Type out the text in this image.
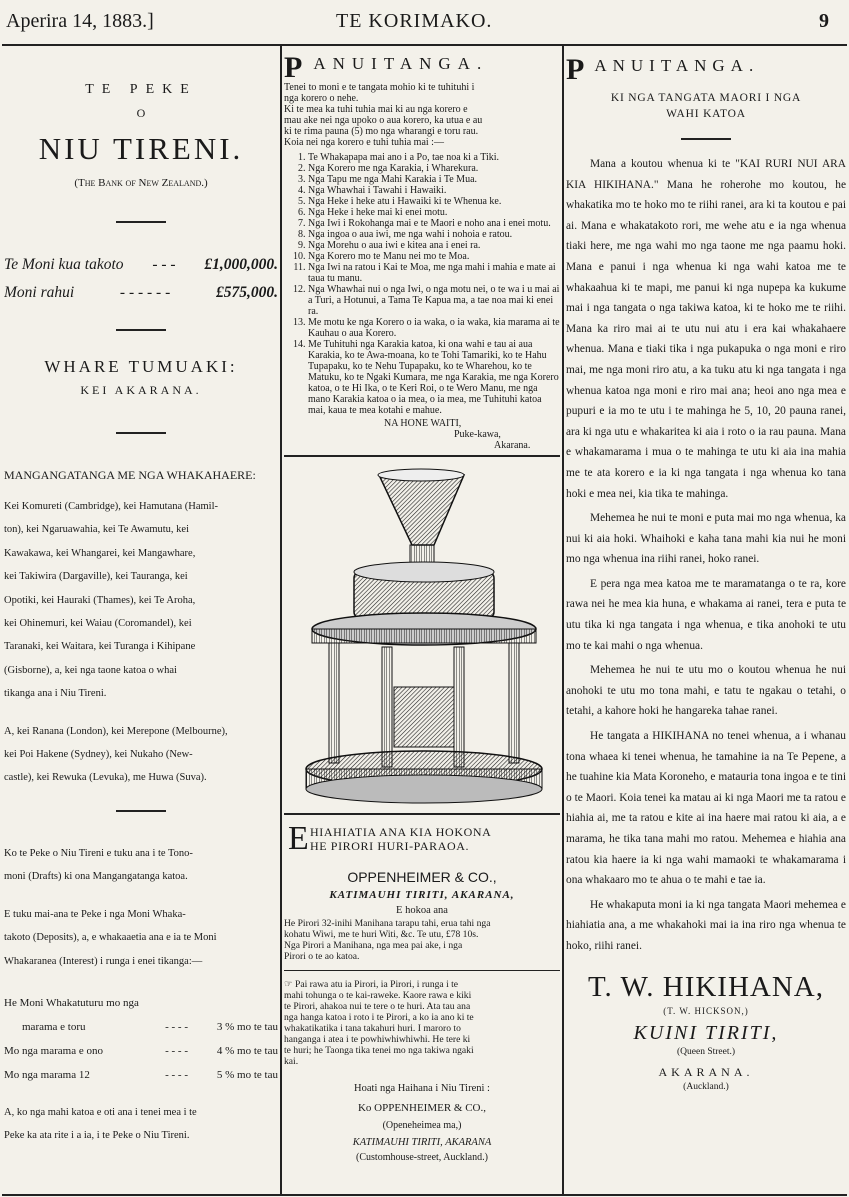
Aperira 14, 1883.]	TE KORIMAKO.	9
TE PEKE
O
NIU TIRENI.
(The Bank of New Zealand.)
Te Moni kua takoto	- - -	£1,000,000.
Moni rahui	- - - - - -	£575,000.
WHARE TUMUAKI:
KEI AKARANA.
MANGANGATANGA ME NGA WHAKAHAERE:
Kei Komureti (Cambridge), kei Hamutana (Hamil-
ton), kei Ngaruawahia, kei Te Awamutu, kei
Kawakawa, kei Whangarei, kei Mangawhare,
kei Takiwira (Dargaville), kei Tauranga, kei
Opotiki, kei Hauraki (Thames), kei Te Aroha,
kei Ohinemuri, kei Waiau (Coromandel), kei
Taranaki, kei Waitara, kei Turanga i Kihipane
(Gisborne), a, kei nga taone katoa o whai
tikanga ana i Niu Tireni.
A, kei Ranana (London), kei Merepone (Melbourne),
kei Poi Hakene (Sydney), kei Nukaho (New-
castle), kei Rewuka (Levuka), me Huwa (Suva).
Ko te Peke o Niu Tireni e tuku ana i te Tono-
moni (Drafts) ki ona Mangangatanga katoa.
E tuku mai-ana te Peke i nga Moni Whaka-
takoto (Deposits), a, e whakaaetia ana e ia te Moni
Whakaranea (Interest) i runga i enei tikanga:—
He Moni Whakatuturu mo nga
marama e toru	- - - -	3 % mo te tau
Mo nga marama e ono	- - - -	4 % mo te tau
Mo nga marama 12	- - - -	5 % mo te tau
A, ko nga mahi katoa e oti ana i tenei mea i te
Peke ka ata rite i a ia, i te Peke o Niu Tireni.
PANUITANGA.
Tenei to moni e te tangata mohio ki te tuhituhi i
nga korero o nehe.
Ki te mea ka tuhi tuhia mai ki au nga korero e
mau ake nei nga upoko o aua korero, ka utua e au
ki te rima pauna (5) mo nga wharangi e toru rau.
Koia nei nga korero e tuhi tuhia mai :—
1. Te Whakapapa mai ano i a Po, tae noa ki a Tiki.
2. Nga Korero me nga Karakia, i Wharekura.
3. Nga Tapu me nga Mahi Karakia i Te Mua.
4. Nga Whawhai i Tawahi i Hawaiki.
5. Nga Heke i heke atu i Hawaiki ki te Whenua ke.
6. Nga Heke i heke mai ki enei motu.
7. Nga Iwi i Rokohanga mai e te Maori e noho ana i enei motu.
8. Nga ingoa o aua iwi, me nga wahi i nohoia e ratou.
9. Nga Morehu o aua iwi e kitea ana i enei ra.
10. Nga Korero mo te Manu nei mo te Moa.
11. Nga Iwi na ratou i Kai te Moa, me nga mahi i mahia e mate ai taua tu manu.
12. Nga Whawhai nui o nga Iwi, o nga motu nei, o te wa i u mai ai a Turi, a Hotunui, a Tama Te Kapua ma, a tae noa mai ki enei ra.
13. Me motu ke nga Korero o ia waka, o ia waka, kia marama ai te Kauhau o aua Korero.
14. Me Tuhituhi nga Karakia katoa, ki ona wahi e tau ai aua Karakia, ko te Awa-moana, ko te Tohi Tamariki, ko te Hahu Tupapaku, ko te Nehu Tupapaku, ko te Wharehou, ko te Matuku, ko te Ngaki Kumara, me nga Karakia, me nga Korero katoa, o te Hi Ika, o te Keri Roi, o te Wero Manu, me nga mano Karakia katoa o ia mea, o ia mea, me Tuhituhi katoa mai, kaua te mea kotahi e mahue.
NA HONE WAITI,
Puke-kawa,
Akarana.
E HIAHIATIA ANA KIA HOKONA
HE PIRORI HURI-PARAOA.
OPPENHEIMER & CO.,
KATIMAUHI TIRITI, AKARANA,
E hokoa ana
He Pirori 32-inihi Manihana tarapu tahi, erua tahi nga
kohatu Wiwi, me te huri Witi, &c. Te utu, £78 10s.
Nga Pirori a Manihana, nga mea pai ake, i nga
Pirori o te ao katoa.
☞ Pai rawa atu ia Pirori, ia Pirori, i runga i te
mahi tohunga o te kai-raweke. Kaore rawa e kiki
te Pirori, ahakoa nui te tere o te huri. Ata tau ana
nga hanga katoa i roto i te Pirori, a ko ia ano ki te
whakatikatika i tana takahuri huri. I maroro to
hanganga i atea i te powhiwhiwhiwhi. He tere ki
te huri; he Taonga tika tenei mo nga takiwa ngaki
kai.
Hoati nga Haihana i Niu Tireni :
Ko OPPENHEIMER & CO.,
(Openeheimea ma,)
KATIMAUHI TIRITI, AKARANA
(Customhouse-street, Auckland.)
PANUITANGA.
KI NGA TANGATA MAORI I NGA
WAHI KATOA

Mana a koutou whenua ki te "KAI RURI NUI ARA KIA HIKIHANA." Mana he roherohe mo koutou, he whakatika mo te hoko mo te riihi ranei, ara ki ta koutou e pai ai. Mana e whakatakoto rori, me wehe atu e ia nga whenua tiaki here, me nga wahi mo nga taone me nga paamu hoki. Mana e panui i nga whenua ki nga wahi katoa me te whakaahua ki te mapi, me panui ki nga nupepa ka kukume mai i nga tangata o nga takiwa katoa, ki te hoko me te riihi. Mana ka riro mai ai te utu nui atu i era kai whakahaere whenua. Mana e tiaki tika i nga pukapuka o nga moni e riro mai, me nga moni riro atu, a ka tuku atu ki nga tangata i nga whenua katoa nga moni e riro mai ana; heoi ano nga mea e pupuri e ia mo te utu i te mahinga he 5, 10, 20 pauna ranei, ara ki nga utu e whakaritea ki aia i roto o ia rau pauna. Mana e whakamarama i mua o te mahinga te utu ki aia ina mahia me te ata korero e ia ki nga tangata i nga whenua ko tana hoki e mea nei, kia tika te mahinga.

Mehemea he nui te moni e puta mai mo nga whenua, ka nui ki aia hoki. Whaihoki e kaha tana mahi kia nui he moni mo nga whenua ina riihi ranei, hoko ranei.

E pera nga mea katoa me te maramatanga o te ra, kore rawa nei he mea kia huna, e whakama ai ranei, tera e puta te utu tika ki nga tangata i nga whenua, e tika anohoki te utu mo te kai mahi o nga whenua.

Mehemea he nui te utu mo o koutou whenua he nui anohoki te utu mo tona mahi, e tatu te ngakau o tetahi, o tetahi, a kahore hoki he hangareka tahae ranei.

He tangata a HIKIHANA no tenei whenua, a i whanau tona whaea ki tenei whenua, he tamahine ia na Te Pepene, a he tuahine kia Mata Koroneho, e matauria tona ingoa e te tini o te Maori. Koia tenei ka matau ai ki nga Maori me ta ratou e hiahia ai, me ta ratou e kite ai ina haere mai ratou ki aia, a e marama, he tika tana mahi mo ratou. Mehemea e hiahia ana ratou kia haere ia ki nga wahi mamaoki te whakamarama i ona whakaaro mo te ahua o te mahi e tae ia.

He whakaputa moni ia ki nga tangata Maori mehemea e hiahiatia ana, a me whakahoki mai ia ina riro nga whenua te hoko, riihi ranei.

T. W. HIKIHANA,
(T. W. HICKSON,)
KUINI TIRITI,
(Queen Street.)
AKARANA.
(Auckland.)
